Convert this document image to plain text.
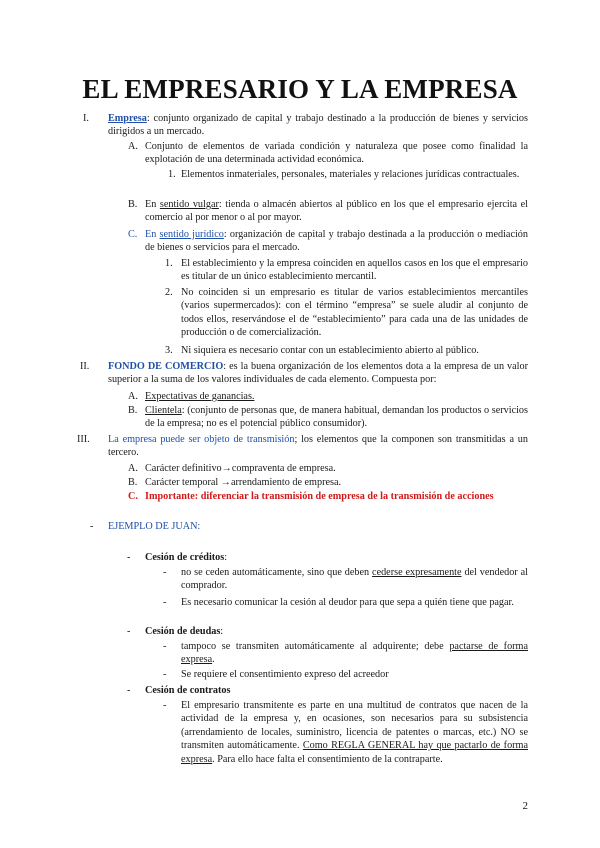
EL EMPRESARIO Y LA EMPRESA
I. Empresa: conjunto organizado de capital y trabajo destinado a la producción de bienes y servicios dirigidos a un mercado.
A. Conjunto de elementos de variada condición y naturaleza que posee como finalidad la explotación de una determinada actividad económica.
1. Elementos inmateriales, personales, materiales y relaciones jurídicas contractuales.
B. En sentido vulgar: tienda o almacén abiertos al público en los que el empresario ejercita el comercio al por menor o al por mayor.
C. En sentido jurídico: organización de capital y trabajo destinada a la producción o mediación de bienes o servicios para el mercado.
1. El establecimiento y la empresa coinciden en aquellos casos en los que el empresario es titular de un único establecimiento mercantil.
2. No coinciden si un empresario es titular de varios establecimientos mercantiles (varios supermercados): con el término “empresa” se suele aludir al conjunto de todos ellos, reservándose el de “establecimiento” para cada una de las unidades de producción o de comercialización.
3. Ni siquiera es necesario contar con un establecimiento abierto al público.
II. FONDO DE COMERCIO: es la buena organización de los elementos dota a la empresa de un valor superior a la suma de los valores individuales de cada elemento. Compuesta por:
A. Expectativas de ganancias.
B. Clientela: (conjunto de personas que, de manera habitual, demandan los productos o servicios de la empresa; no es el potencial público consumidor).
III. La empresa puede ser objeto de transmisión; los elementos que la componen son transmitidas a un tercero.
A. Carácter definitivo→compraventa de empresa.
B. Carácter temporal →arrendamiento de empresa.
C. Importante: diferenciar la transmisión de empresa de la transmisión de acciones
- EJEMPLO DE JUAN:
- Cesión de créditos:
- no se ceden automáticamente, sino que deben cederse expresamente del vendedor al comprador.
- Es necesario comunicar la cesión al deudor para que sepa a quién tiene que pagar.
- Cesión de deudas:
- tampoco se transmiten automáticamente al adquirente; debe pactarse de forma expresa.
- Se requiere el consentimiento expreso del acreedor
- Cesión de contratos
- El empresario transmitente es parte en una multitud de contratos que nacen de la actividad de la empresa y, en ocasiones, son necesarios para su subsistencia (arrendamiento de locales, suministro, licencia de patentes o marcas, etc.) NO se transmiten automáticamente. Como REGLA GENERAL hay que pactarlo de forma expresa. Para ello hace falta el consentimiento de la contraparte.
2
